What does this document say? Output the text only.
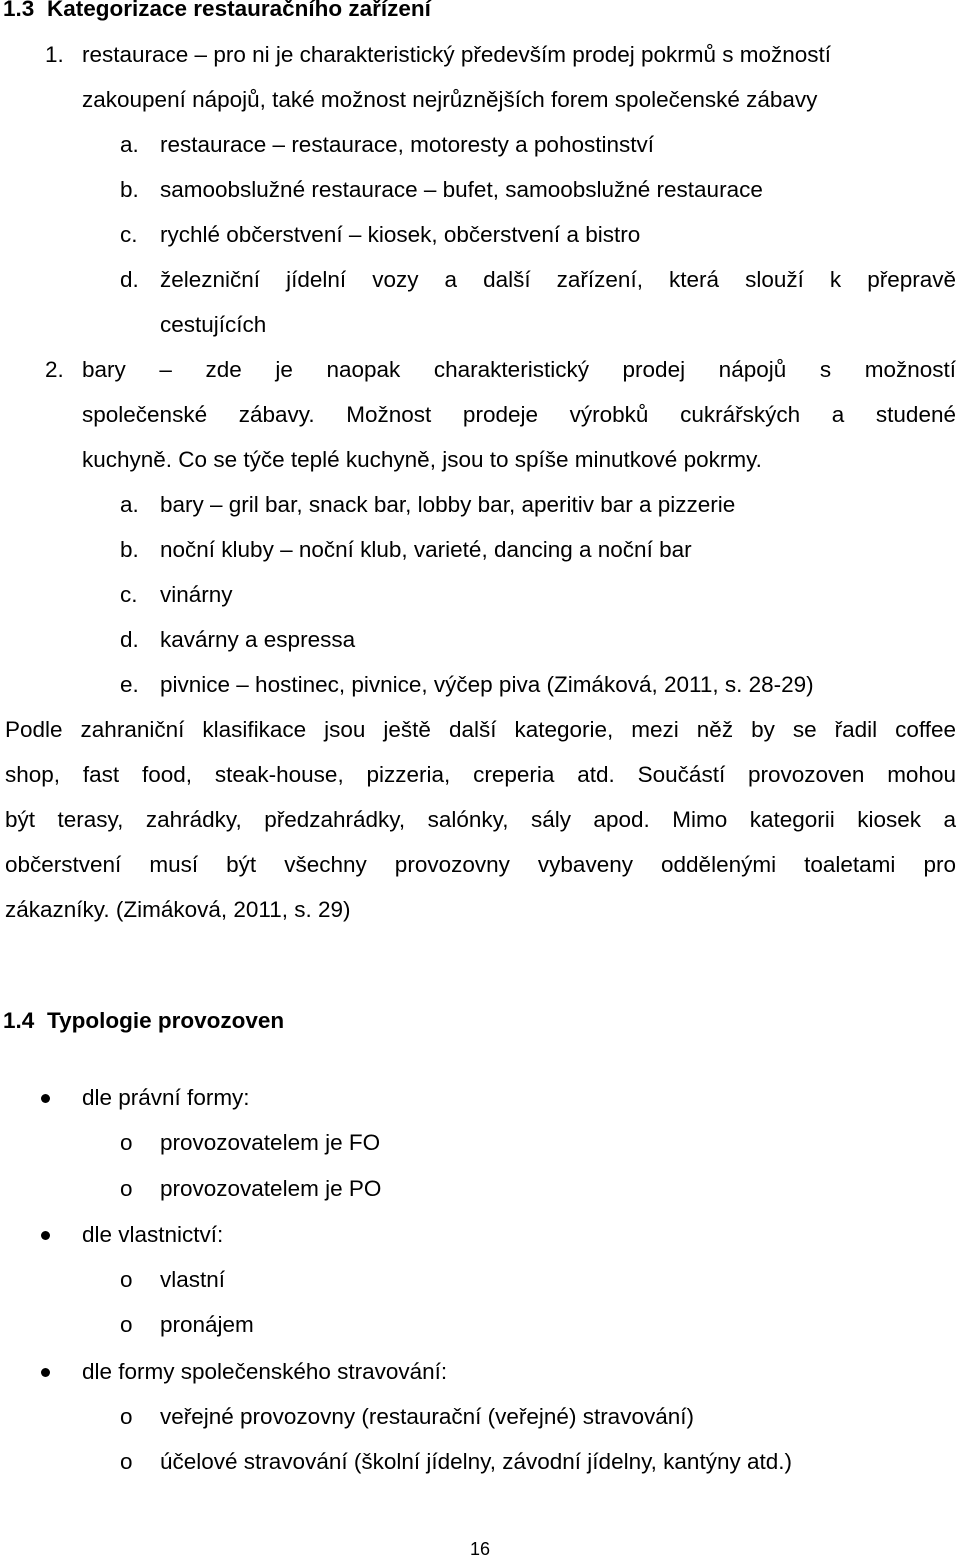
1.3 Kategorizace restauračního zařízení
1. restaurace – pro ni je charakteristický především prodej pokrmů s možností
zakoupení nápojů, také možnost nejrůznějších forem společenské zábavy
a. restaurace – restaurace, motoresty a pohostinství
b. samoobslužné restaurace – bufet, samoobslužné restaurace
c. rychlé občerstvení – kiosek, občerstvení a bistro
d. železniční jídelní vozy a další zařízení, která slouží k přepravě
cestujících
2. bary – zde je naopak charakteristický prodej nápojů s možností
společenské zábavy. Možnost prodeje výrobků cukrářských a studené
kuchyně. Co se týče teplé kuchyně, jsou to spíše minutkové pokrmy.
a. bary – gril bar, snack bar, lobby bar, aperitiv bar a pizzerie
b. noční kluby – noční klub, varieté, dancing a noční bar
c. vinárny
d. kavárny a espressa
e. pivnice – hostinec, pivnice, výčep piva (Zimáková, 2011, s. 28-29)
Podle zahraniční klasifikace jsou ještě další kategorie, mezi něž by se řadil coffee
shop, fast food, steak-house, pizzeria, creperia atd. Součástí provozoven mohou
být terasy, zahrádky, předzahrádky, salónky, sály apod. Mimo kategorii kiosek a
občerstvení musí být všechny provozovny vybaveny oddělenými toaletami pro
zákazníky. (Zimáková, 2011, s. 29)
1.4 Typologie provozoven
dle právní formy:
o provozovatelem je FO
o provozovatelem je PO
dle vlastnictví:
o vlastní
o pronájem
dle formy společenského stravování:
o veřejné provozovny (restaurační (veřejné) stravování)
o účelové stravování (školní jídelny, závodní jídelny, kantýny atd.)
16
